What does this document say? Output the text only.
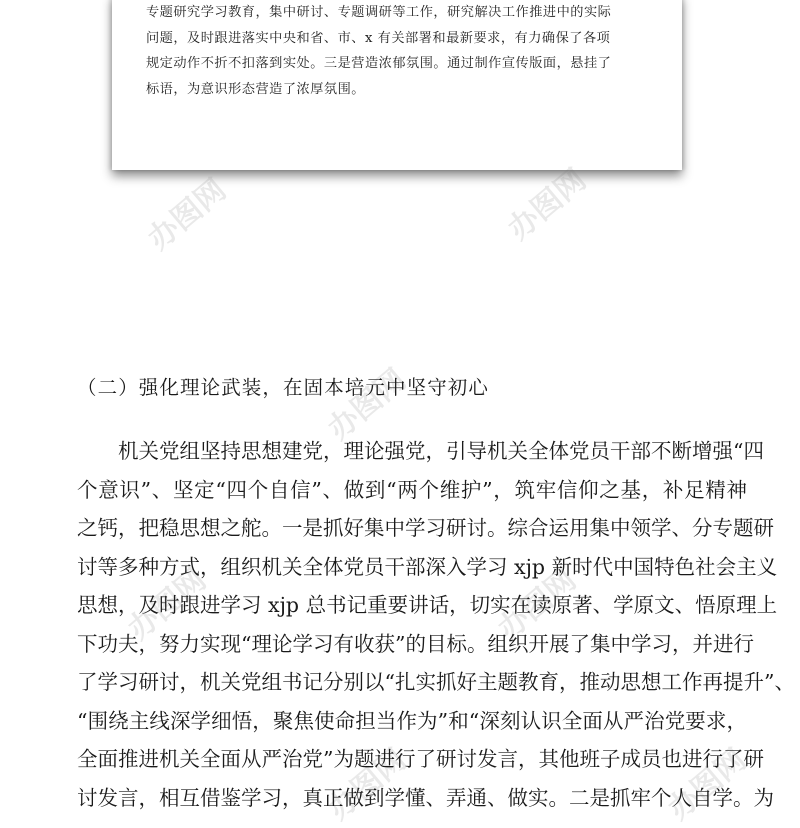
专题研究学习教育，集中研讨、专题调研等工作，研究解决工作推进中的实际
问题，及时跟进落实中央和省、市、x 有关部署和最新要求，有力确保了各项
规定动作不折不扣落到实处。三是营造浓郁氛围。通过制作宣传版面，悬挂了
标语，为意识形态营造了浓厚氛围。
办图网	办图网
办图网
办图网	办图网
办图网	办图网
（二）强化理论武装，在固本培元中坚守初心
机关党组坚持思想建党，理论强党，引导机关全体党员干部不断增强“四
个意识”、坚定“四个自信”、做到“两个维护”，筑牢信仰之基，补足精神
之钙，把稳思想之舵。一是抓好集中学习研讨。综合运用集中领学、分专题研
讨等多种方式，组织机关全体党员干部深入学习 xjp 新时代中国特色社会主义
思想，及时跟进学习 xjp 总书记重要讲话，切实在读原著、学原文、悟原理上
下功夫，努力实现“理论学习有收获”的目标。组织开展了集中学习，并进行
了学习研讨，机关党组书记分别以“扎实抓好主题教育，推动思想工作再提升”、
“围绕主线深学细悟，聚焦使命担当作为”和“深刻认识全面从严治党要求，
全面推进机关全面从严治党”为题进行了研讨发言，其他班子成员也进行了研
讨发言，相互借鉴学习，真正做到学懂、弄通、做实。二是抓牢个人自学。为
